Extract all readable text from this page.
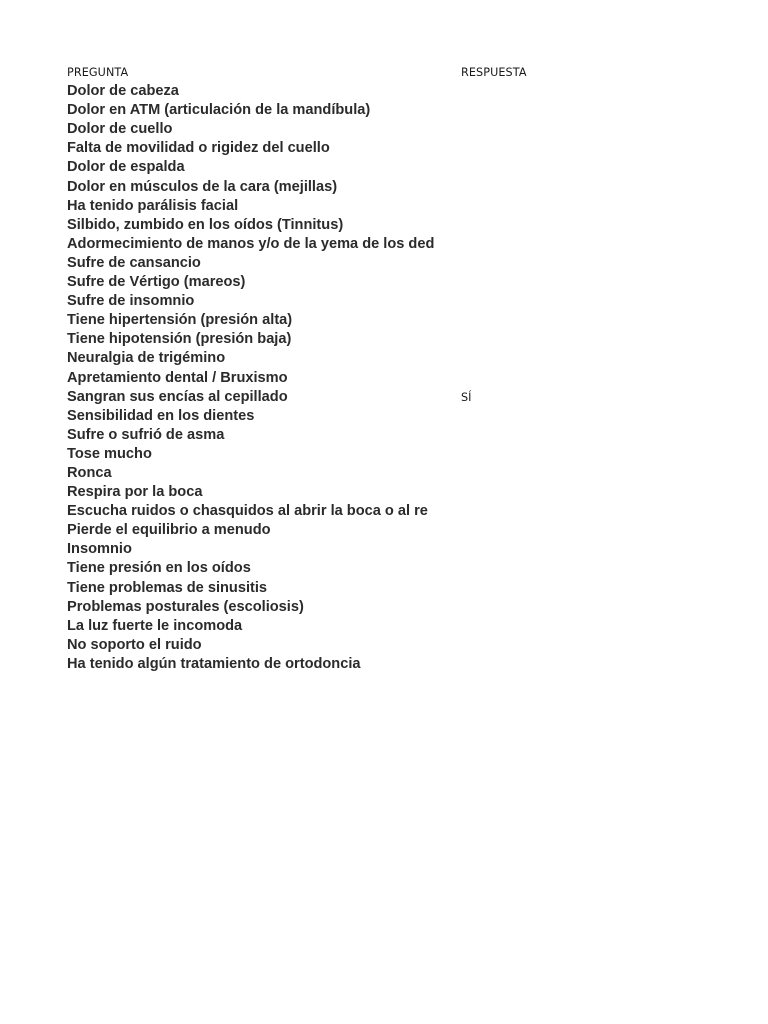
PREGUNTA	RESPUESTA
Dolor de cabeza
Dolor en ATM (articulación de la mandíbula)
Dolor de cuello
Falta de movilidad o rigidez del cuello
Dolor de espalda
Dolor en músculos de la cara (mejillas)
Ha tenido parálisis facial
Silbido, zumbido en los oídos (Tinnitus)
Adormecimiento de manos y/o de la yema de los ded
Sufre de cansancio
Sufre de Vértigo (mareos)
Sufre de insomnio
Tiene hipertensión (presión alta)
Tiene hipotensión (presión baja)
Neuralgia de trigémino
Apretamiento dental / Bruxismo
Sangran sus encías al cepillado	SÍ
Sensibilidad en los dientes
Sufre o sufrió de asma
Tose mucho
Ronca
Respira por la boca
Escucha ruidos o chasquidos al abrir la boca o al re
Pierde el equilibrio a menudo
Insomnio
Tiene presión en los oídos
Tiene problemas de sinusitis
Problemas posturales (escoliosis)
La luz fuerte le incomoda
No soporto el ruido
Ha tenido algún tratamiento de ortodoncia
